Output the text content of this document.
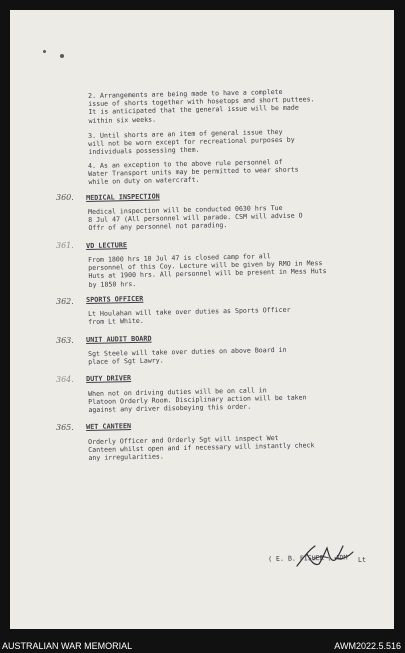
2. Arrangements are being made to have a complete
issue of shorts together with hosetops and short puttees.
It is anticipated that the general issue will be made
within six weeks.
3. Until shorts are an item of general issue they
will not be worn except for recreational purposes by
individuals possessing them.
4. As an exception to the above rule personnel of
Water Transport units may be permitted to wear shorts
while on duty on watercraft.
360. MEDICAL INSPECTION
Medical inspection will be conducted 0630 hrs Tue
8 Jul 47 (All personnel will parade. CSM will advise O
Offr of any personnel not parading.
361. VD LECTURE
From 1800 hrs 10 Jul 47 is closed camp for all
personnel of this Coy. Lecture will be given by RMO in Mess
Huts at 1900 hrs. All personnel will be present in Mess Huts
by 1850 hrs.
362. SPORTS OFFICER
Lt Houlahan will take over duties as Sports Officer
from Lt White.
363. UNIT AUDIT BOARD
Sgt Steele will take over duties on above Board in
place of Sgt Lawry.
364. DUTY DRIVER
When not on driving duties will be on call in
Platoon Orderly Room. Disciplinary action will be taken
against any driver disobeying this order.
365. WET CANTEEN
Orderly Officer and Orderly Sgt will inspect Wet
Canteen whilst open and if necessary will instantly check
any irregularities.
Lt
( E. B. FISHER ) ADM
AUSTRALIAN WAR MEMORIAL	AWM2022.5.516
